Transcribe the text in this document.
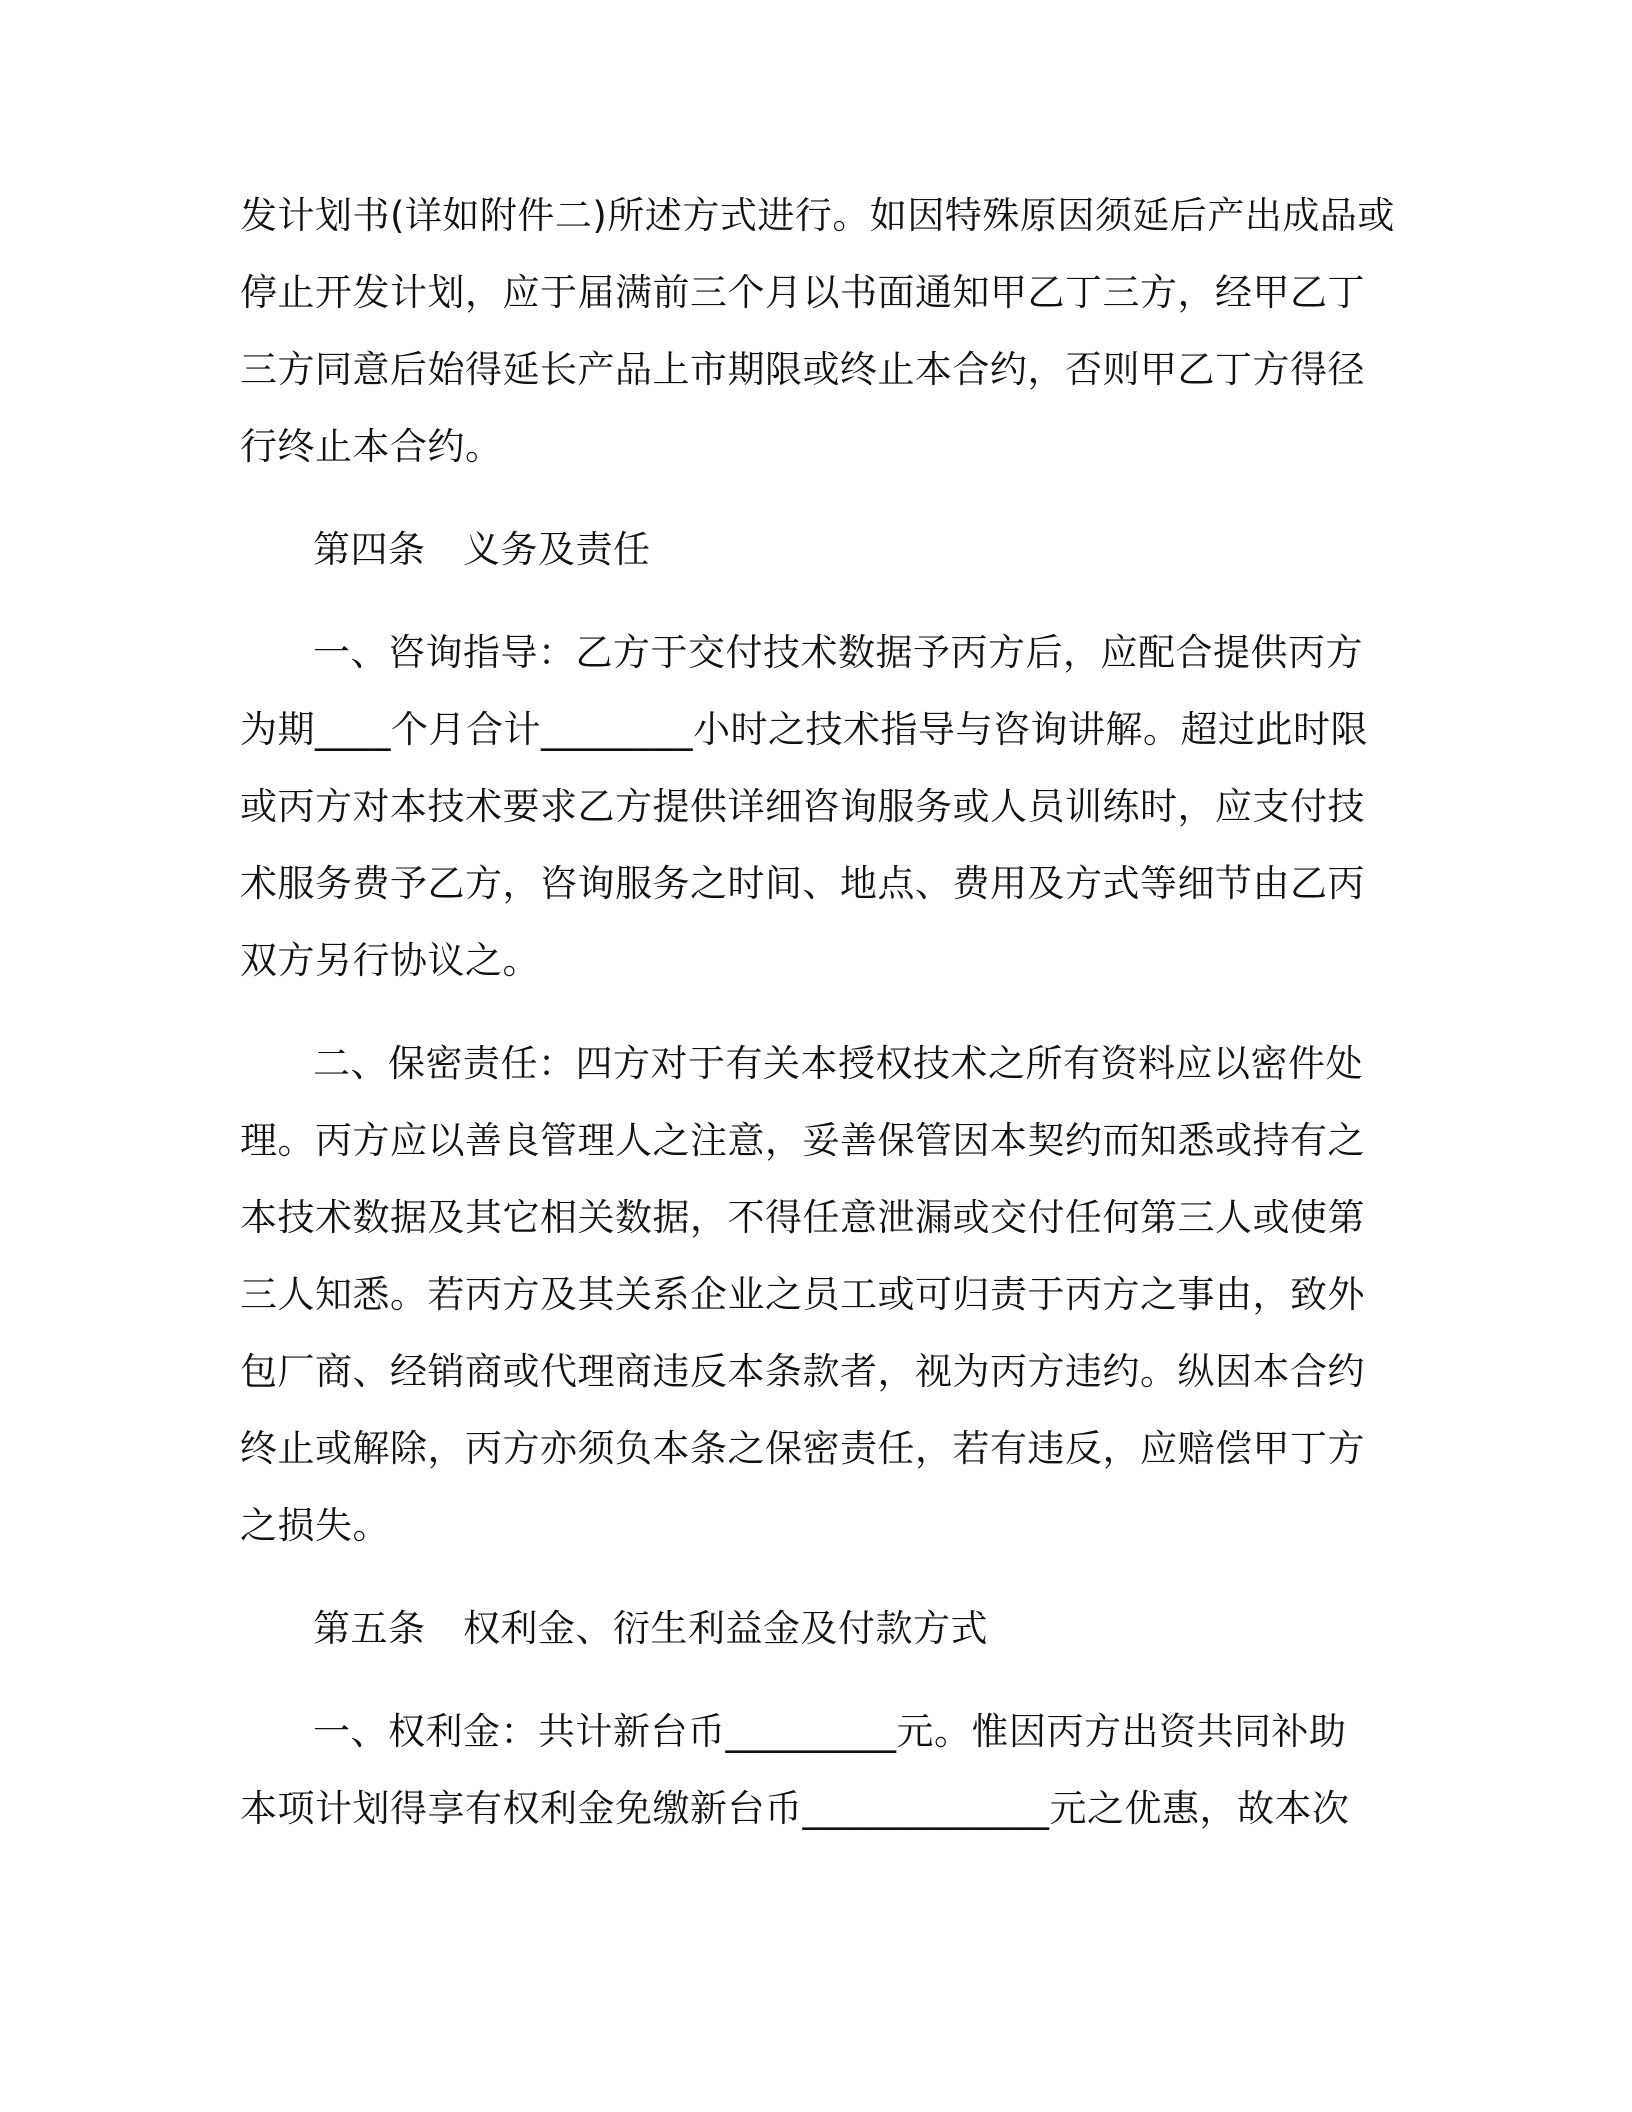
发计划书(详如附件二)所述方式进行。如因特殊原因须延后产出成品或
停止开发计划，应于届满前三个月以书面通知甲乙丁三方，经甲乙丁
三方同意后始得延长产品上市期限或终止本合约，否则甲乙丁方得径
行终止本合约。
第四条　义务及责任
一、咨询指导：乙方于交付技术数据予丙方后，应配合提供丙方
为期____个月合计________小时之技术指导与咨询讲解。超过此时限
或丙方对本技术要求乙方提供详细咨询服务或人员训练时，应支付技
术服务费予乙方，咨询服务之时间、地点、费用及方式等细节由乙丙
双方另行协议之。
二、保密责任：四方对于有关本授权技术之所有资料应以密件处
理。丙方应以善良管理人之注意，妥善保管因本契约而知悉或持有之
本技术数据及其它相关数据，不得任意泄漏或交付任何第三人或使第
三人知悉。若丙方及其关系企业之员工或可归责于丙方之事由，致外
包厂商、经销商或代理商违反本条款者，视为丙方违约。纵因本合约
终止或解除，丙方亦须负本条之保密责任，若有违反，应赔偿甲丁方
之损失。
第五条　权利金、衍生利益金及付款方式
一、权利金：共计新台币_________元。惟因丙方出资共同补助
本项计划得享有权利金免缴新台币_____________元之优惠，故本次
